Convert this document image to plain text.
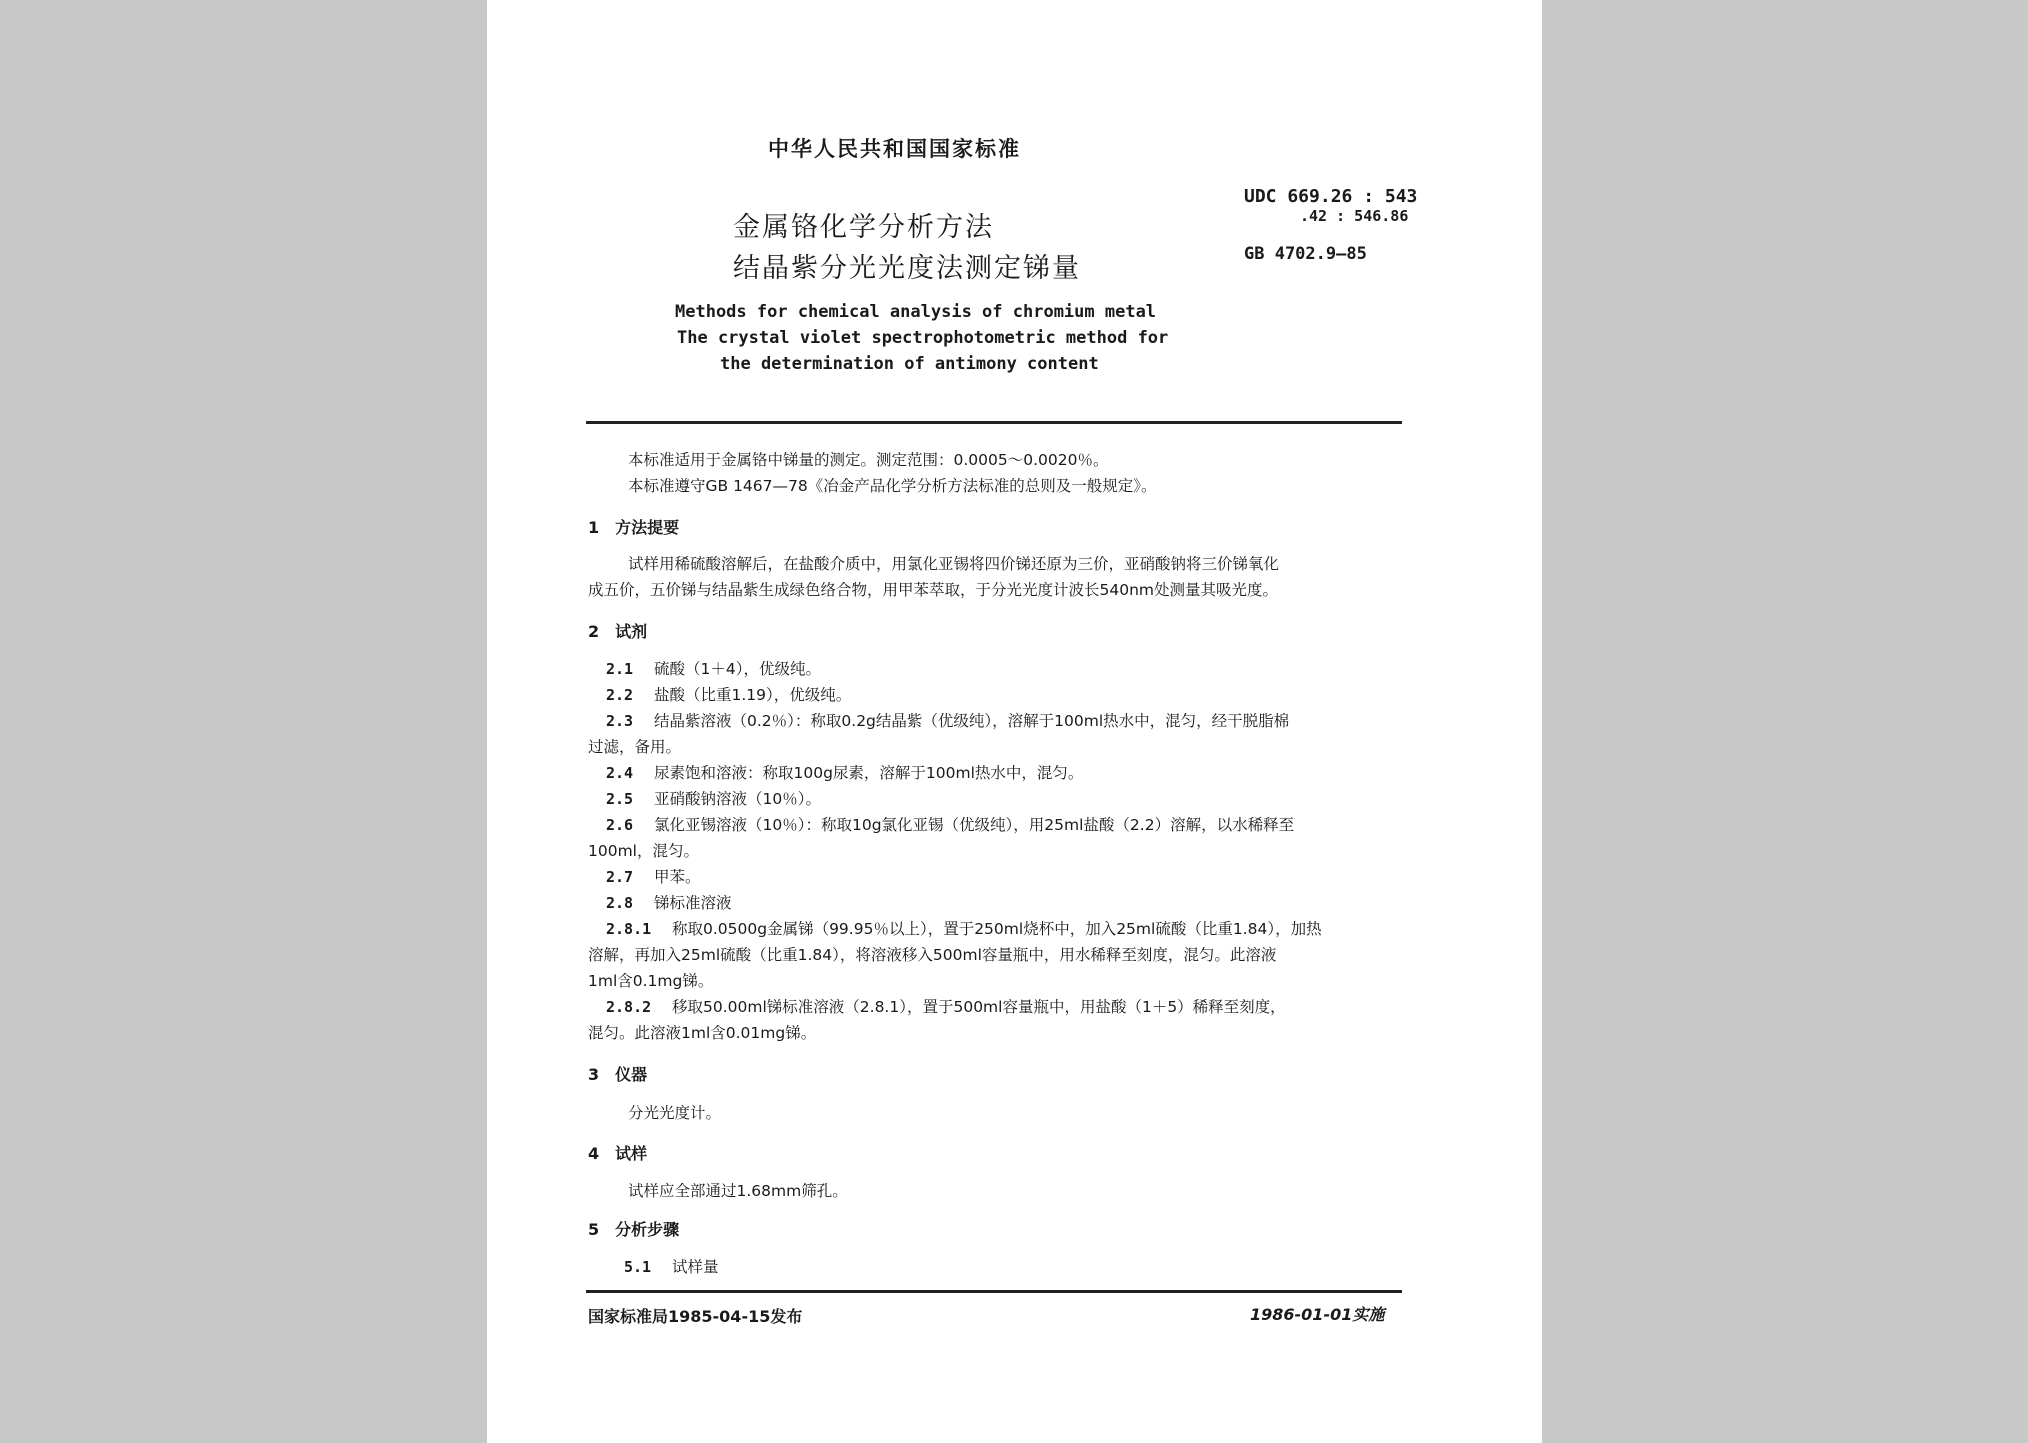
中华人民共和国国家标准
金属铬化学分析方法
结晶紫分光光度法测定锑量
UDC 669.26 : 543
.42 : 546.86
GB 4702.9—85
Methods for chemical analysis of chromium metal
The crystal violet spectrophotometric method for
the determination of antimony content
本标准适用于金属铬中锑量的测定。测定范围：0.0005～0.0020％。
本标准遵守GB 1467—78《冶金产品化学分析方法标准的总则及一般规定》。
1　方法提要
试样用稀硫酸溶解后，在盐酸介质中，用氯化亚锡将四价锑还原为三价，亚硝酸钠将三价锑氧化
成五价，五价锑与结晶紫生成绿色络合物，用甲苯萃取，于分光光度计波长540nm处测量其吸光度。
2　试剂
2.1 硫酸（1＋4），优级纯。
2.2 盐酸（比重1.19），优级纯。
2.3 结晶紫溶液（0.2％）：称取0.2g结晶紫（优级纯），溶解于100ml热水中，混匀，经干脱脂棉
过滤，备用。
2.4 尿素饱和溶液：称取100g尿素，溶解于100ml热水中，混匀。
2.5 亚硝酸钠溶液（10％）。
2.6 氯化亚锡溶液（10％）：称取10g氯化亚锡（优级纯），用25ml盐酸（2.2）溶解，以水稀释至
100ml，混匀。
2.7 甲苯。
2.8 锑标准溶液
2.8.1 称取0.0500g金属锑（99.95％以上），置于250ml烧杯中，加入25ml硫酸（比重1.84），加热
溶解，再加入25ml硫酸（比重1.84），将溶液移入500ml容量瓶中，用水稀释至刻度，混匀。此溶液
1ml含0.1mg锑。
2.8.2 移取50.00ml锑标准溶液（2.8.1），置于500ml容量瓶中，用盐酸（1＋5）稀释至刻度，
混匀。此溶液1ml含0.01mg锑。
3　仪器
分光光度计。
4　试样
试样应全部通过1.68mm筛孔。
5　分析步骤
5.1 试样量
国家标准局1985-04-15发布	1986-01-01实施
